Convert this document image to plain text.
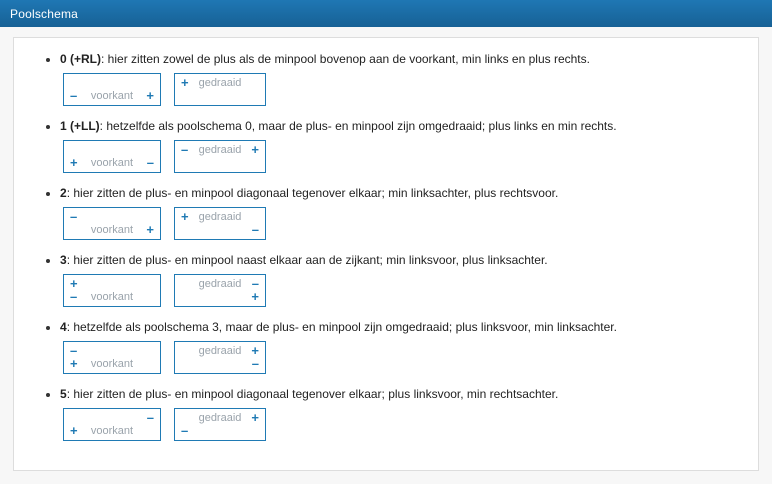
Poolschema
• 0 (+RL): hier zitten zowel de plus als de minpool bovenop aan de voorkant, min links en plus rechts.
–	+
voorkant
+ gedraaid
• 1 (+LL): hetzelfde als poolschema 0, maar de plus- en minpool zijn omgedraaid; plus links en min rechts.
+	–
voorkant
–	+
gedraaid
• 2: hier zitten de plus- en minpool diagonaal tegenover elkaar; min linksachter, plus rechtsvoor.
–
+
voorkant
+
–
gedraaid
• 3: hier zitten de plus- en minpool naast elkaar aan de zijkant; min linksvoor, plus linksachter.
+
–	voorkant
–
+
gedraaid
• 4: hetzelfde als poolschema 3, maar de plus- en minpool zijn omgedraaid; plus linksvoor, min linksachter.
–
+	voorkant
+
–
gedraaid
• 5: hier zitten de plus- en minpool diagonaal tegenover elkaar; plus linksvoor, min rechtsachter.
–
+	voorkant
+
–
gedraaid
